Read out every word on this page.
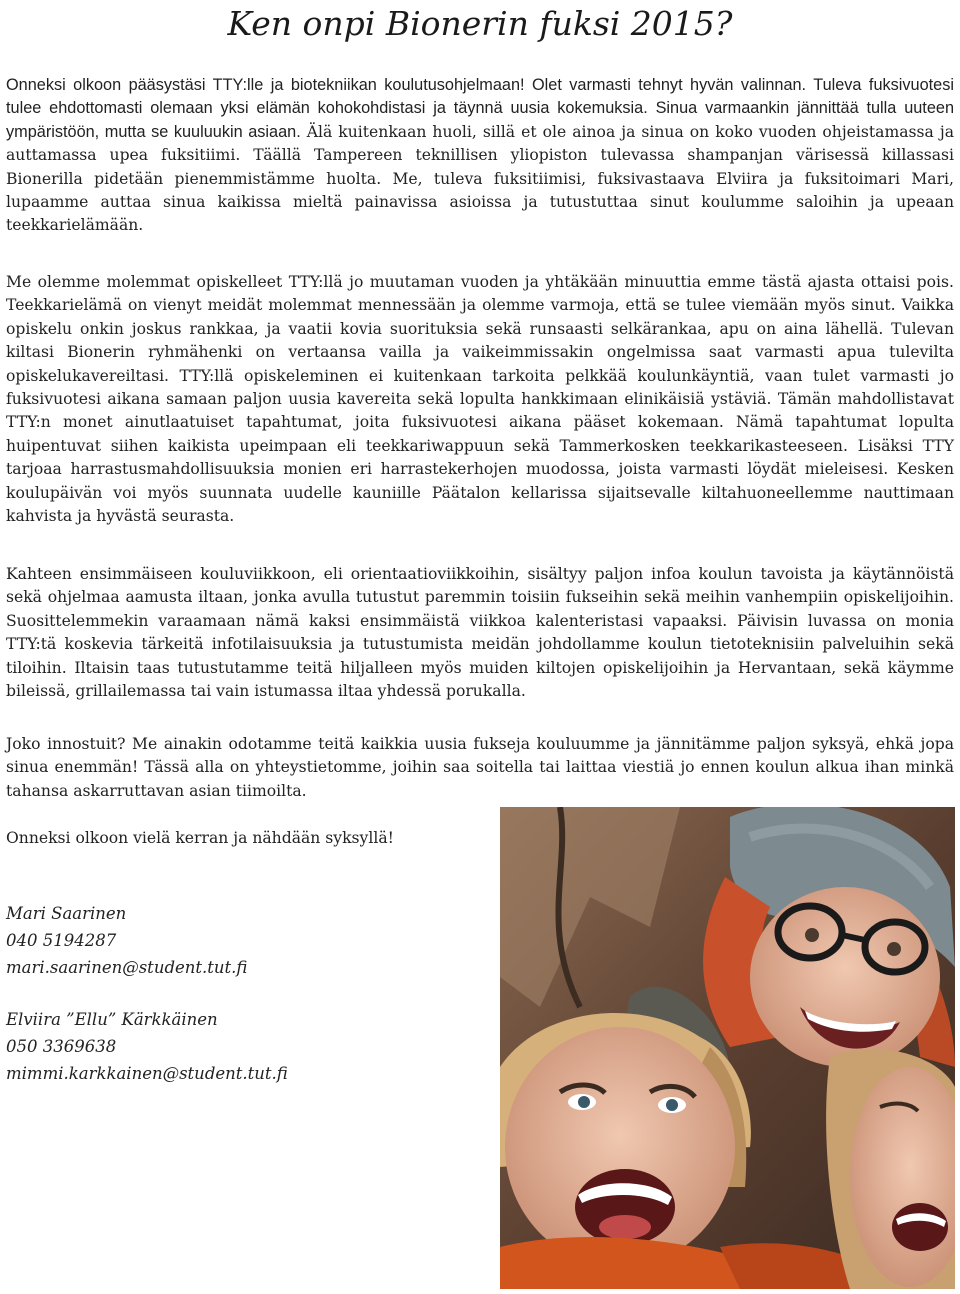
Ken onpi Bionerin fuksi 2015?

Onneksi olkoon pääsystäsi TTY:lle ja biotekniikan koulutusohjelmaan! Olet varmasti tehnyt hyvän valinnan. Tuleva fuksivuotesi tulee ehdottomasti olemaan yksi elämän kohokohdistasi ja täynnä uusia kokemuksia. Sinua varmaankin jännittää tulla uuteen ympäristöön, mutta se kuuluukin asiaan. Älä kuitenkaan huoli, sillä et ole ainoa ja sinua on koko vuoden ohjeistamassa ja auttamassa upea fuksitiimi. Täällä Tampereen teknillisen yliopiston tulevassa shampanjan värisessä killassasi Bionerilla pidetään pienemmistämme huolta. Me, tuleva fuksitiimisi, fuksivastaava Elviira ja fuksitoimari Mari, lupaamme auttaa sinua kaikissa mieltä painavissa asioissa ja tutustuttaa sinut koulumme saloihin ja upeaan teekkarielämään.

Me olemme molemmat opiskelleet TTY:llä jo muutaman vuoden ja yhtäkään minuuttia emme tästä ajasta ottaisi pois. Teekkarielämä on vienyt meidät molemmat mennessään ja olemme varmoja, että se tulee viemään myös sinut. Vaikka opiskelu onkin joskus rankkaa, ja vaatii kovia suorituksia sekä runsaasti selkärankaa, apu on aina lähellä. Tulevan kiltasi Bionerin ryhmähenki on vertaansa vailla ja vaikeimmissakin ongelmissa saat varmasti apua tulevilta opiskelukavereiltasi. TTY:llä opiskeleminen ei kuitenkaan tarkoita pelkkää koulunkäyntiä, vaan tulet varmasti jo fuksivuotesi aikana samaan paljon uusia kavereita sekä lopulta hankkimaan elinikäisiä ystäviä. Tämän mahdollistavat TTY:n monet ainutlaatuiset tapahtumat, joita fuksivuotesi aikana pääset kokemaan. Nämä tapahtumat lopulta huipentuvat siihen kaikista upeimpaan eli teekkariwappuun sekä Tammerkosken teekkarikasteeseen. Lisäksi TTY tarjoaa harrastusmahdollisuuksia monien eri harrastekerhojen muodossa, joista varmasti löydät mieleisesi. Kesken koulupäivän voi myös suunnata uudelle kauniille Päätalon kellarissa sijaitsevalle kiltahuoneellemme nauttimaan kahvista ja hyvästä seurasta.

Kahteen ensimmäiseen kouluviikkoon, eli orientaatioviikkoihin, sisältyy paljon infoa koulun tavoista ja käytännöistä sekä ohjelmaa aamusta iltaan, jonka avulla tutustut paremmin toisiin fukseihin sekä meihin vanhempiin opiskelijoihin. Suosittelemmekin varaamaan nämä kaksi ensimmäistä viikkoa kalenteristasi vapaaksi. Päivisin luvassa on monia TTY:tä koskevia tärkeitä infotilaisuuksia ja tutustumista meidän johdollamme koulun tietoteknisiin palveluihin sekä tiloihin. Iltaisin taas tutustutamme teitä hiljalleen myös muiden kiltojen opiskelijoihin ja Hervantaan, sekä käymme bileissä, grillailemassa tai vain istumassa iltaa yhdessä porukalla.

Joko innostuit? Me ainakin odotamme teitä kaikkia uusia fukseja kouluumme ja jännitämme paljon syksyä, ehkä jopa sinua enemmän! Tässä alla on yhteystietomme, joihin saa soitella tai laittaa viestiä jo ennen koulun alkua ihan minkä tahansa askarruttavan asian tiimoilta.

Onneksi olkoon vielä kerran ja nähdään syksyllä!

Mari Saarinen
040 5194287
mari.saarinen@student.tut.fi
Elviira ”Ellu” Kärkkäinen
050 3369638
mimmi.karkkainen@student.tut.fi
